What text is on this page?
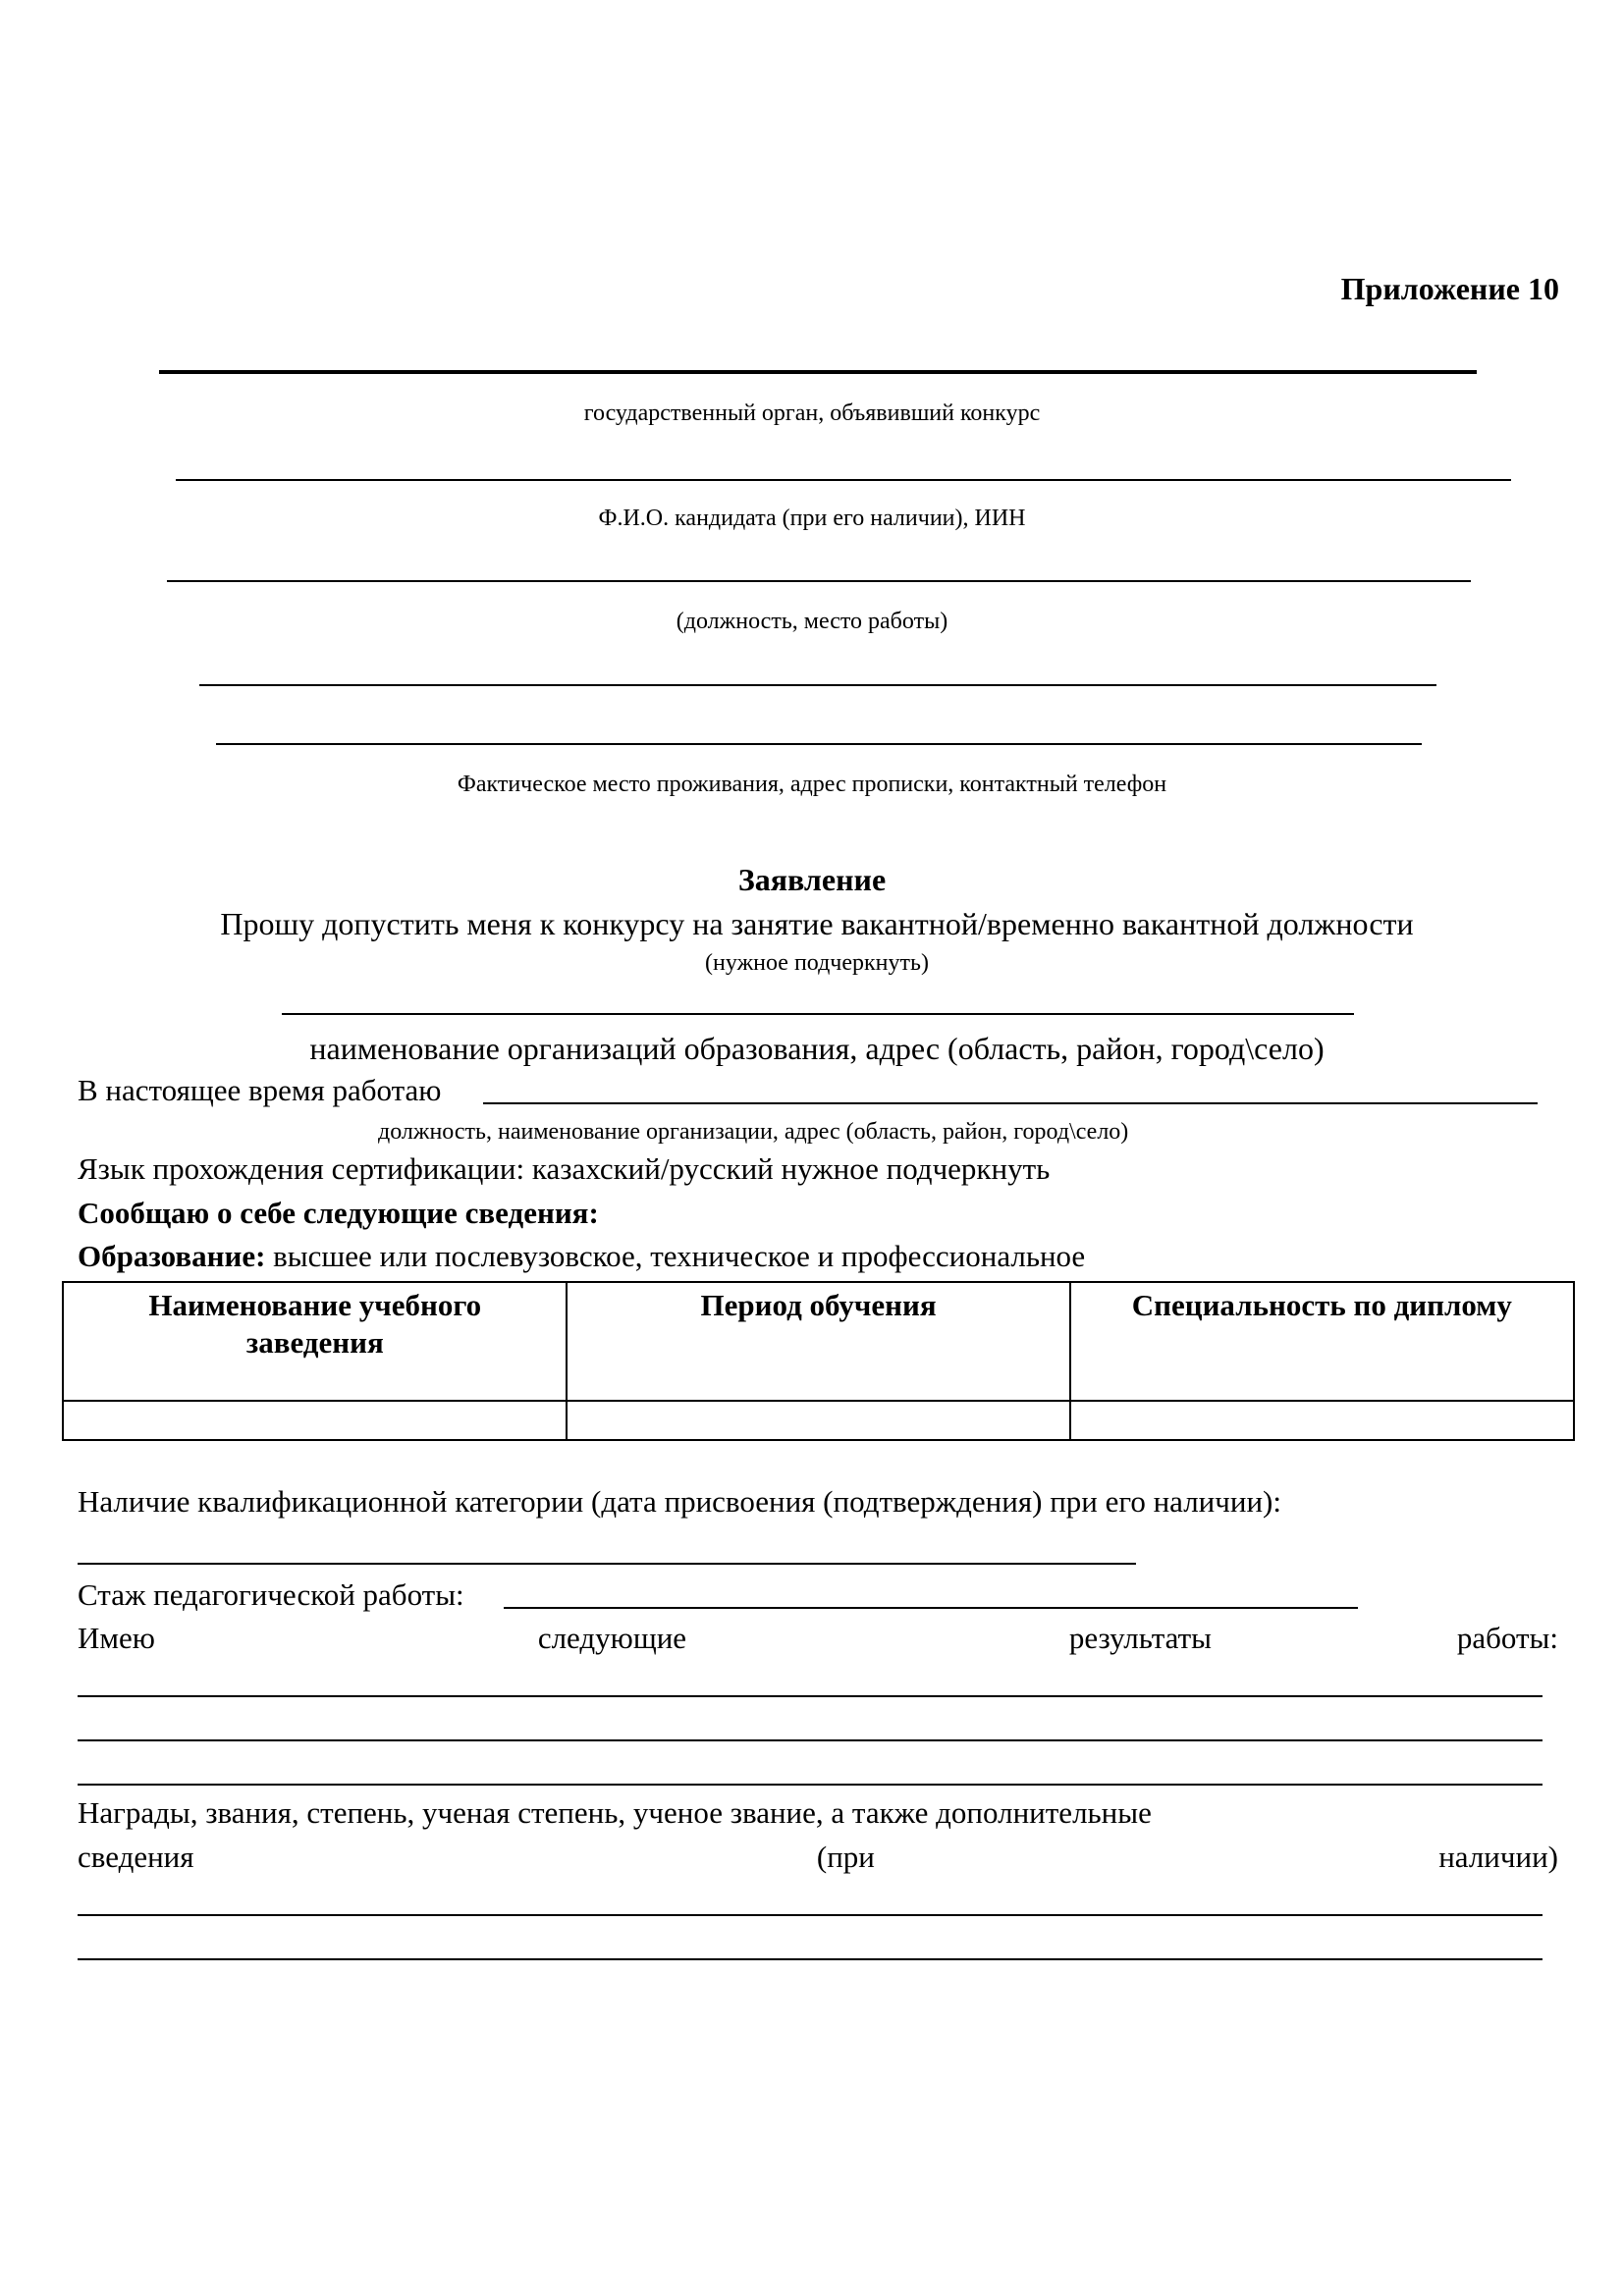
Приложение 10
государственный орган, объявивший конкурс
Ф.И.О. кандидата (при его наличии), ИИН
(должность, место работы)
Фактическое место проживания, адрес прописки, контактный телефон
Заявление
Прошу допустить меня к конкурсу на занятие вакантной/временно вакантной должности
(нужное подчеркнуть)
наименование организаций образования, адрес (область, район, город\село)
В настоящее время работаю
должность, наименование организации, адрес (область, район, город\село)
Язык прохождения сертификации: казахский/русский нужное подчеркнуть
Сообщаю о себе следующие сведения:
Образование: высшее или послевузовское, техническое и профессиональное
Наименование учебного заведения	Период обучения	Специальность по диплому

Наличие квалификационной категории (дата присвоения (подтверждения) при его наличии):
Стаж педагогической работы:
Имею	следующие	результаты	работы:
Награды, звания, степень, ученая степень, ученое звание, а также дополнительные
сведения	(при	наличии)
